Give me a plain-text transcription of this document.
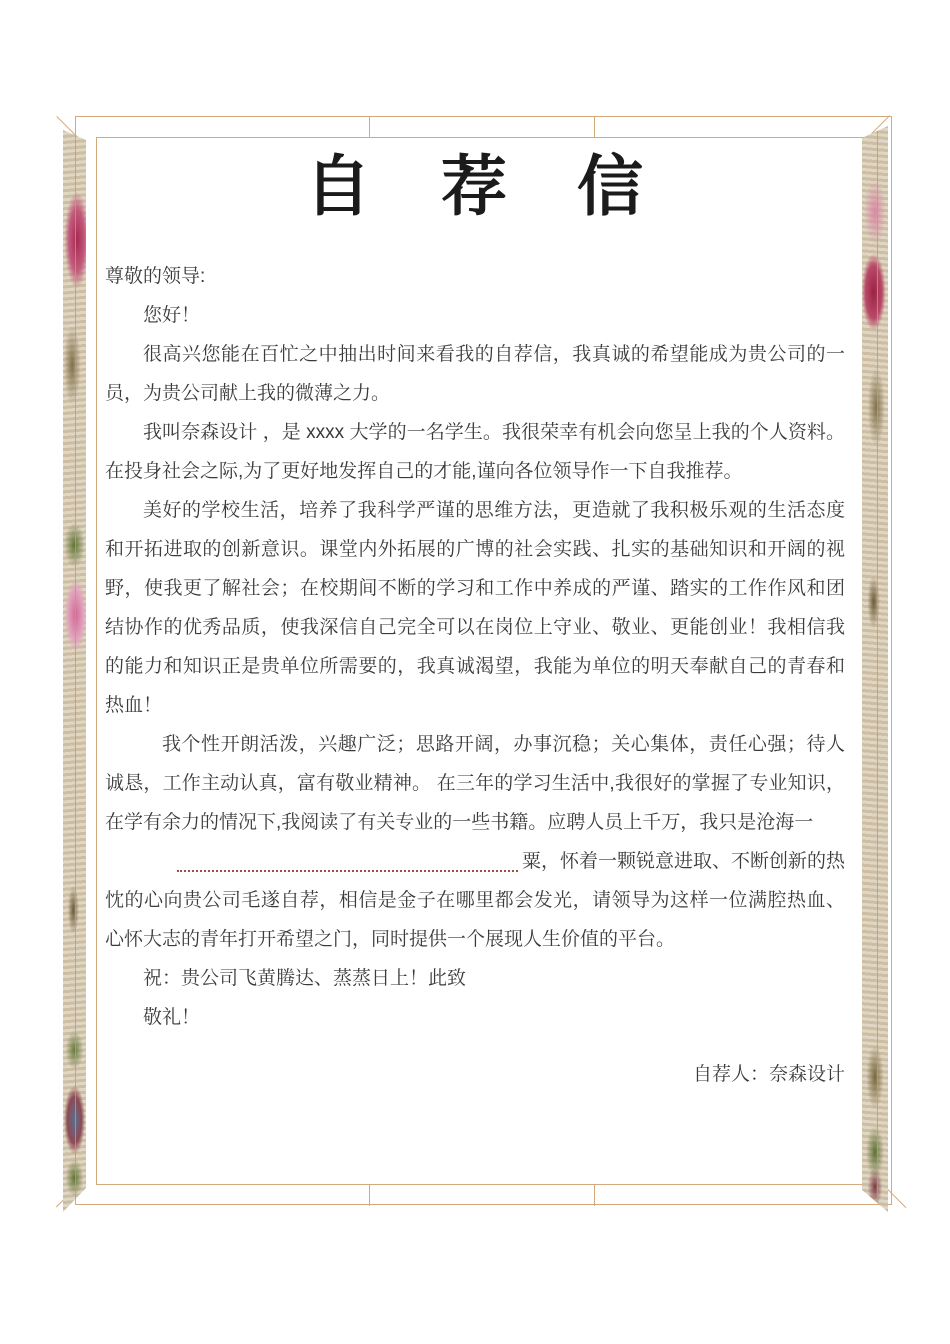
自　荐　信

尊敬的领导:

您好！

很高兴您能在百忙之中抽出时间来看我的自荐信，我真诚的希望能成为贵公司的一员，为贵公司献上我的微薄之力。

我叫奈森设计 ，是 xxxx 大学的一名学生。我很荣幸有机会向您呈上我的个人资料。在投身社会之际,为了更好地发挥自己的才能,谨向各位领导作一下自我推荐。

美好的学校生活，培养了我科学严谨的思维方法，更造就了我积极乐观的生活态度和开拓进取的创新意识。课堂内外拓展的广博的社会实践、扎实的基础知识和开阔的视野，使我更了解社会；在校期间不断的学习和工作中养成的严谨、踏实的工作作风和团结协作的优秀品质，使我深信自己完全可以在岗位上守业、敬业、更能创业！我相信我的能力和知识正是贵单位所需要的，我真诚渴望，我能为单位的明天奉献自己的青春和热血！

我个性开朗活泼，兴趣广泛；思路开阔，办事沉稳；关心集体，责任心强；待人诚恳，工作主动认真，富有敬业精神。 在三年的学习生活中,我很好的掌握了专业知识，在学有余力的情况下,我阅读了有关专业的一些书籍。应聘人员上千万，我只是沧海一

粟，怀着一颗锐意进取、不断创新的热

忱的心向贵公司毛遂自荐，相信是金子在哪里都会发光，请领导为这样一位满腔热血、心怀大志的青年打开希望之门，同时提供一个展现人生价值的平台。

祝：贵公司飞黄腾达、蒸蒸日上！此致

敬礼！

自荐人：奈森设计
